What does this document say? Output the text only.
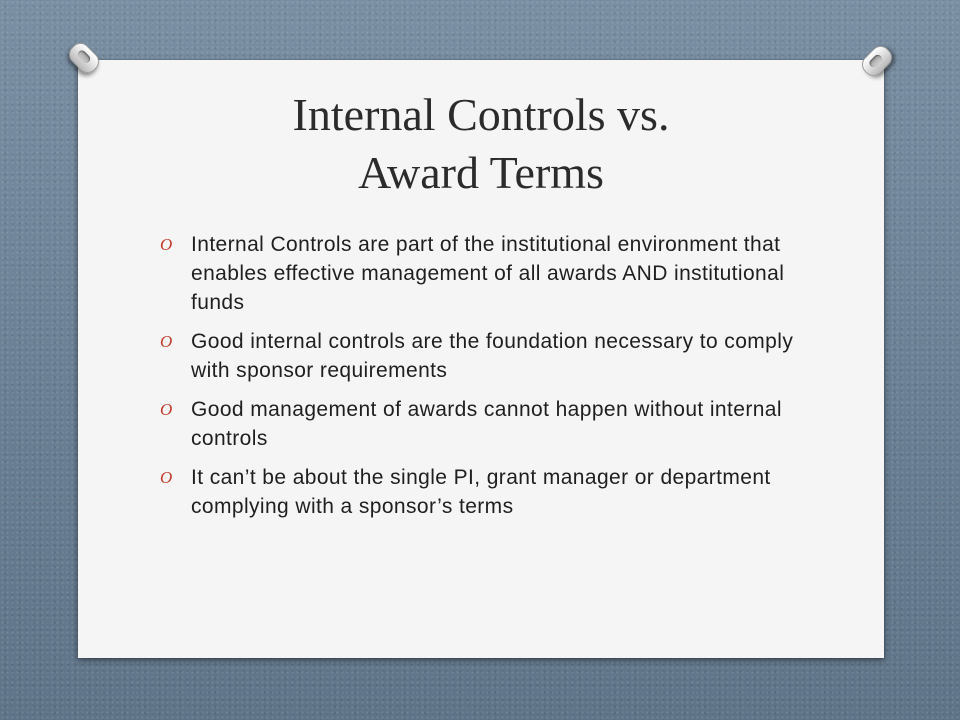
Internal Controls vs.
Award Terms
O Internal Controls are part of the institutional environment that enables effective management of all awards AND institutional funds
O Good internal controls are the foundation necessary to comply with sponsor requirements
O Good management of awards cannot happen without internal controls
O It can’t be about the single PI, grant manager or department complying with a sponsor’s terms
